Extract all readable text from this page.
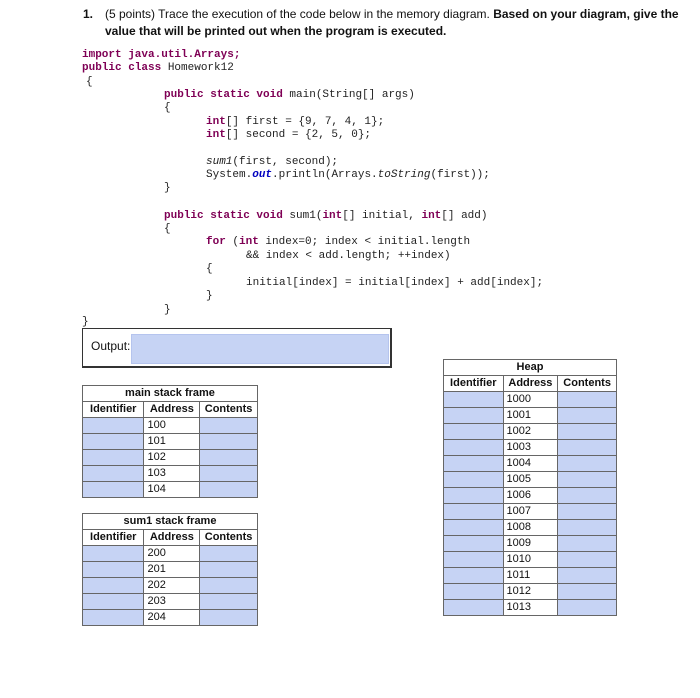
1. (5 points) Trace the execution of the code below in the memory diagram. Based on your diagram, give the value that will be printed out when the program is executed.
import java.util.Arrays;
public class Homework12
{
public static void main(String[] args)
{
int[] first = {9, 7, 4, 1};
int[] second = {2, 5, 0};
sum1(first, second);
System.out.println(Arrays.toString(first));
}
public static void sum1(int[] initial, int[] add)
{
for (int index=0; index < initial.length
&& index < add.length; ++index)
{
initial[index] = initial[index] + add[index];
}
}
}
Output:
main stack frame		
Identifier	Address	Contents
	100	
	101	
	102	
	103	
	104	
sum1 stack frame		
Identifier	Address	Contents
	200	
	201	
	202	
	203	
	204	
Heap		
Identifier	Address	Contents
	1000	
	1001	
	1002	
	1003	
	1004	
	1005	
	1006	
	1007	
	1008	
	1009	
	1010	
	1011	
	1012	
	1013	
